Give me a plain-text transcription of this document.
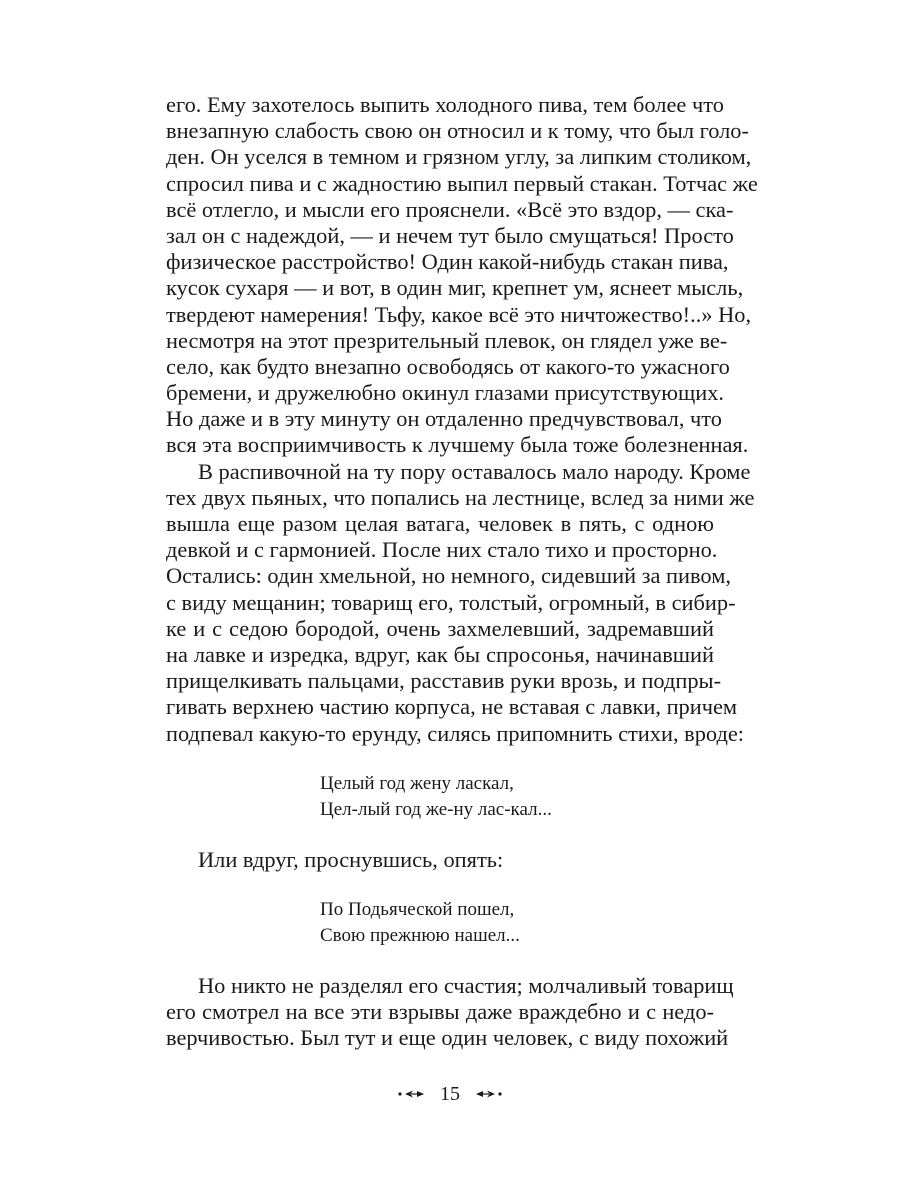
его. Ему захотелось выпить холодного пива, тем более что
внезапную слабость свою он относил и к тому, что был голо-
ден. Он уселся в темном и грязном углу, за липким столиком,
спросил пива и с жадностию выпил первый стакан. Тотчас же
всё отлегло, и мысли его прояснели. «Всё это вздор, — ска-
зал он с надеждой, — и нечем тут было смущаться! Просто
физическое расстройство! Один какой-нибудь стакан пива,
кусок сухаря — и вот, в один миг, крепнет ум, яснеет мысль,
твердеют намерения! Тьфу, какое всё это ничтожество!..» Но,
несмотря на этот презрительный плевок, он глядел уже ве-
село, как будто внезапно освободясь от какого-то ужасного
бремени, и дружелюбно окинул глазами присутствующих.
Но даже и в эту минуту он отдаленно предчувствовал, что
вся эта восприимчивость к лучшему была тоже болезненная.
В распивочной на ту пору оставалось мало народу. Кроме
тех двух пьяных, что попались на лестнице, вслед за ними же
вышла еще разом целая ватага, человек в пять, с одною
девкой и с гармонией. После них стало тихо и просторно.
Остались: один хмельной, но немного, сидевший за пивом,
с виду мещанин; товарищ его, толстый, огромный, в сибир-
ке и с седою бородой, очень захмелевший, задремавший
на лавке и изредка, вдруг, как бы спросонья, начинавший
прищелкивать пальцами, расставив руки врозь, и подпры-
гивать верхнею частию корпуса, не вставая с лавки, причем
подпевал какую-то ерунду, силясь припомнить стихи, вроде:
Целый год жену ласкал,
Цел-лый год же-ну лас-кал...
Или вдруг, проснувшись, опять:
По Подьяческой пошел,
Свою прежнюю нашел...
Но никто не разделял его счастия; молчаливый товарищ
его смотрел на все эти взрывы даже враждебно и с недо-
верчивостью. Был тут и еще один человек, с виду похожий
15
